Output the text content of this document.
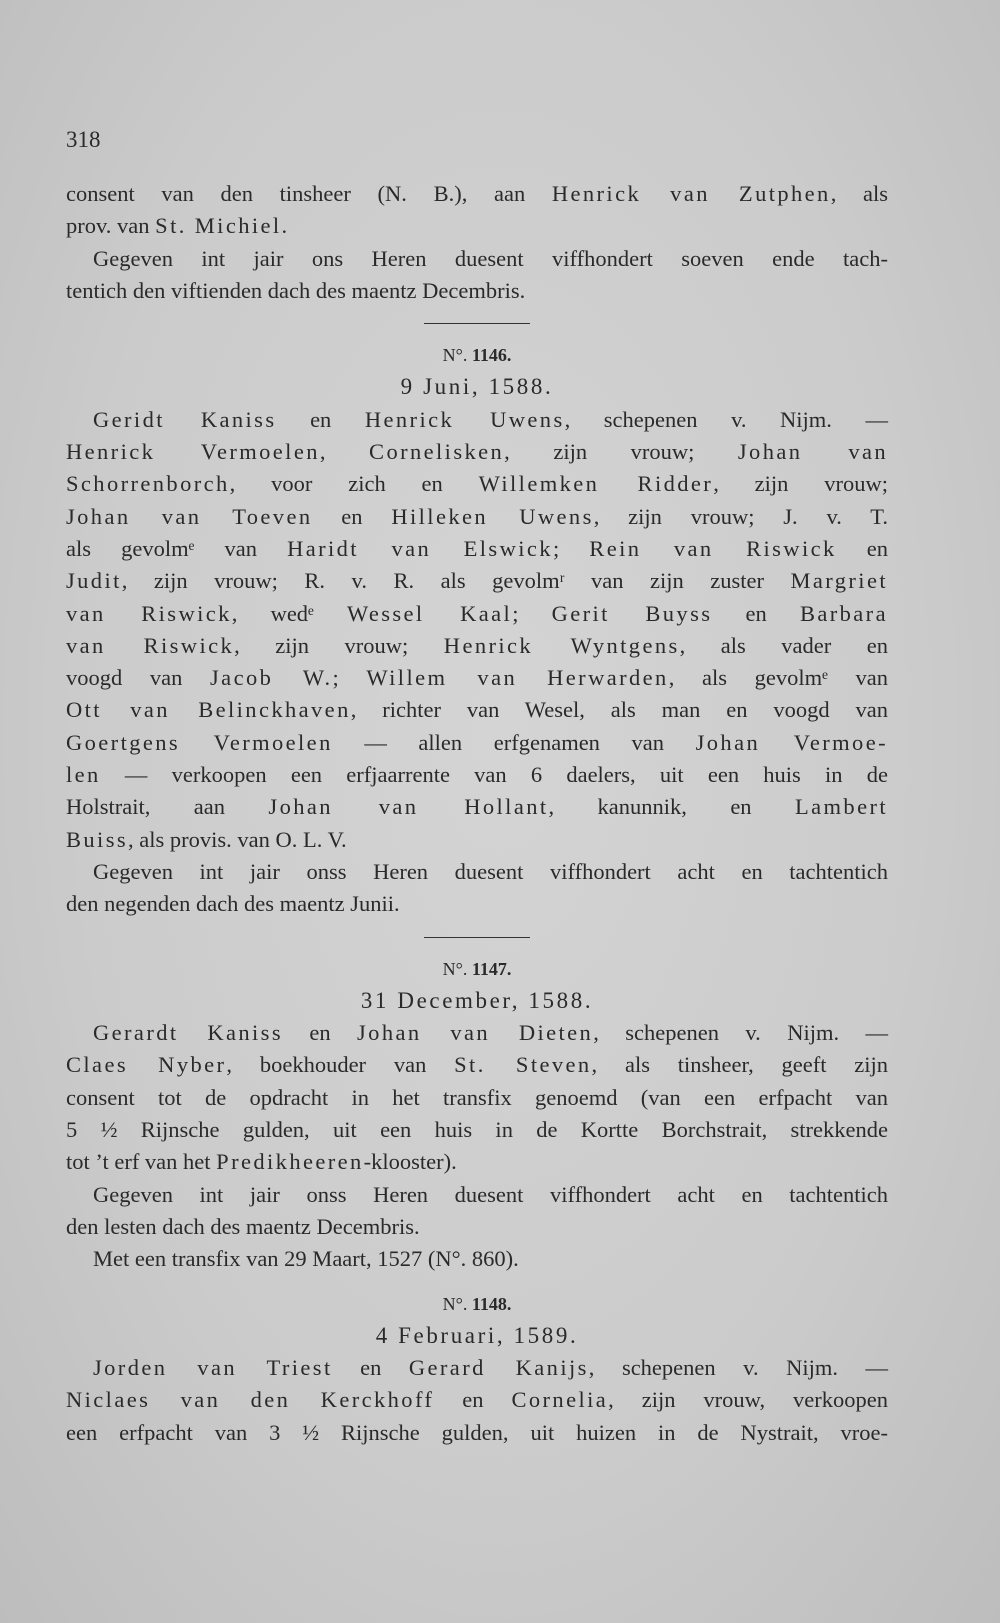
318
consent van den tinsheer (N. B.), aan Henrick van Zutphen, als
prov. van St. Michiel.
Gegeven int jair ons Heren duesent viffhondert soeven ende tach-
tentich den viftienden dach des maentz Decembris.
N°. 1146.
9 Juni, 1588.
Geridt Kaniss en Henrick Uwens, schepenen v. Nijm. —
Henrick Vermoelen, Cornelisken, zijn vrouw; Johan van
Schorrenborch, voor zich en Willemken Ridder, zijn vrouw;
Johan van Toeven en Hilleken Uwens, zijn vrouw; J. v. T.
als gevolmᵉ van Haridt van Elswick; Rein van Riswick en
Judit, zijn vrouw; R. v. R. als gevolmʳ van zijn zuster Margriet
van Riswick, wedᵉ Wessel Kaal; Gerit Buyss en Barbara
van Riswick, zijn vrouw; Henrick Wyntgens, als vader en
voogd van Jacob W.; Willem van Herwarden, als gevolmᵉ van
Ott van Belinckhaven, richter van Wesel, als man en voogd van
Goertgens Vermoelen — allen erfgenamen van Johan Vermoe-
len — verkoopen een erfjaarrente van 6 daelers, uit een huis in de
Holstrait, aan Johan van Hollant, kanunnik, en Lambert
Buiss, als provis. van O. L. V.
Gegeven int jair onss Heren duesent viffhondert acht en tachtentich
den negenden dach des maentz Junii.
N°. 1147.
31 December, 1588.
Gerardt Kaniss en Johan van Dieten, schepenen v. Nijm. —
Claes Nyber, boekhouder van St. Steven, als tinsheer, geeft zijn
consent tot de opdracht in het transfix genoemd (van een erfpacht van
5 ½ Rijnsche gulden, uit een huis in de Kortte Borchstrait, strekkende
tot ’t erf van het Predikheeren-klooster).
Gegeven int jair onss Heren duesent viffhondert acht en tachtentich
den lesten dach des maentz Decembris.
Met een transfix van 29 Maart, 1527 (N°. 860).
N°. 1148.
4 Februari, 1589.
Jorden van Triest en Gerard Kanijs, schepenen v. Nijm. —
Niclaes van den Kerckhoff en Cornelia, zijn vrouw, verkoopen
een erfpacht van 3 ½ Rijnsche gulden, uit huizen in de Nystrait, vroe-
